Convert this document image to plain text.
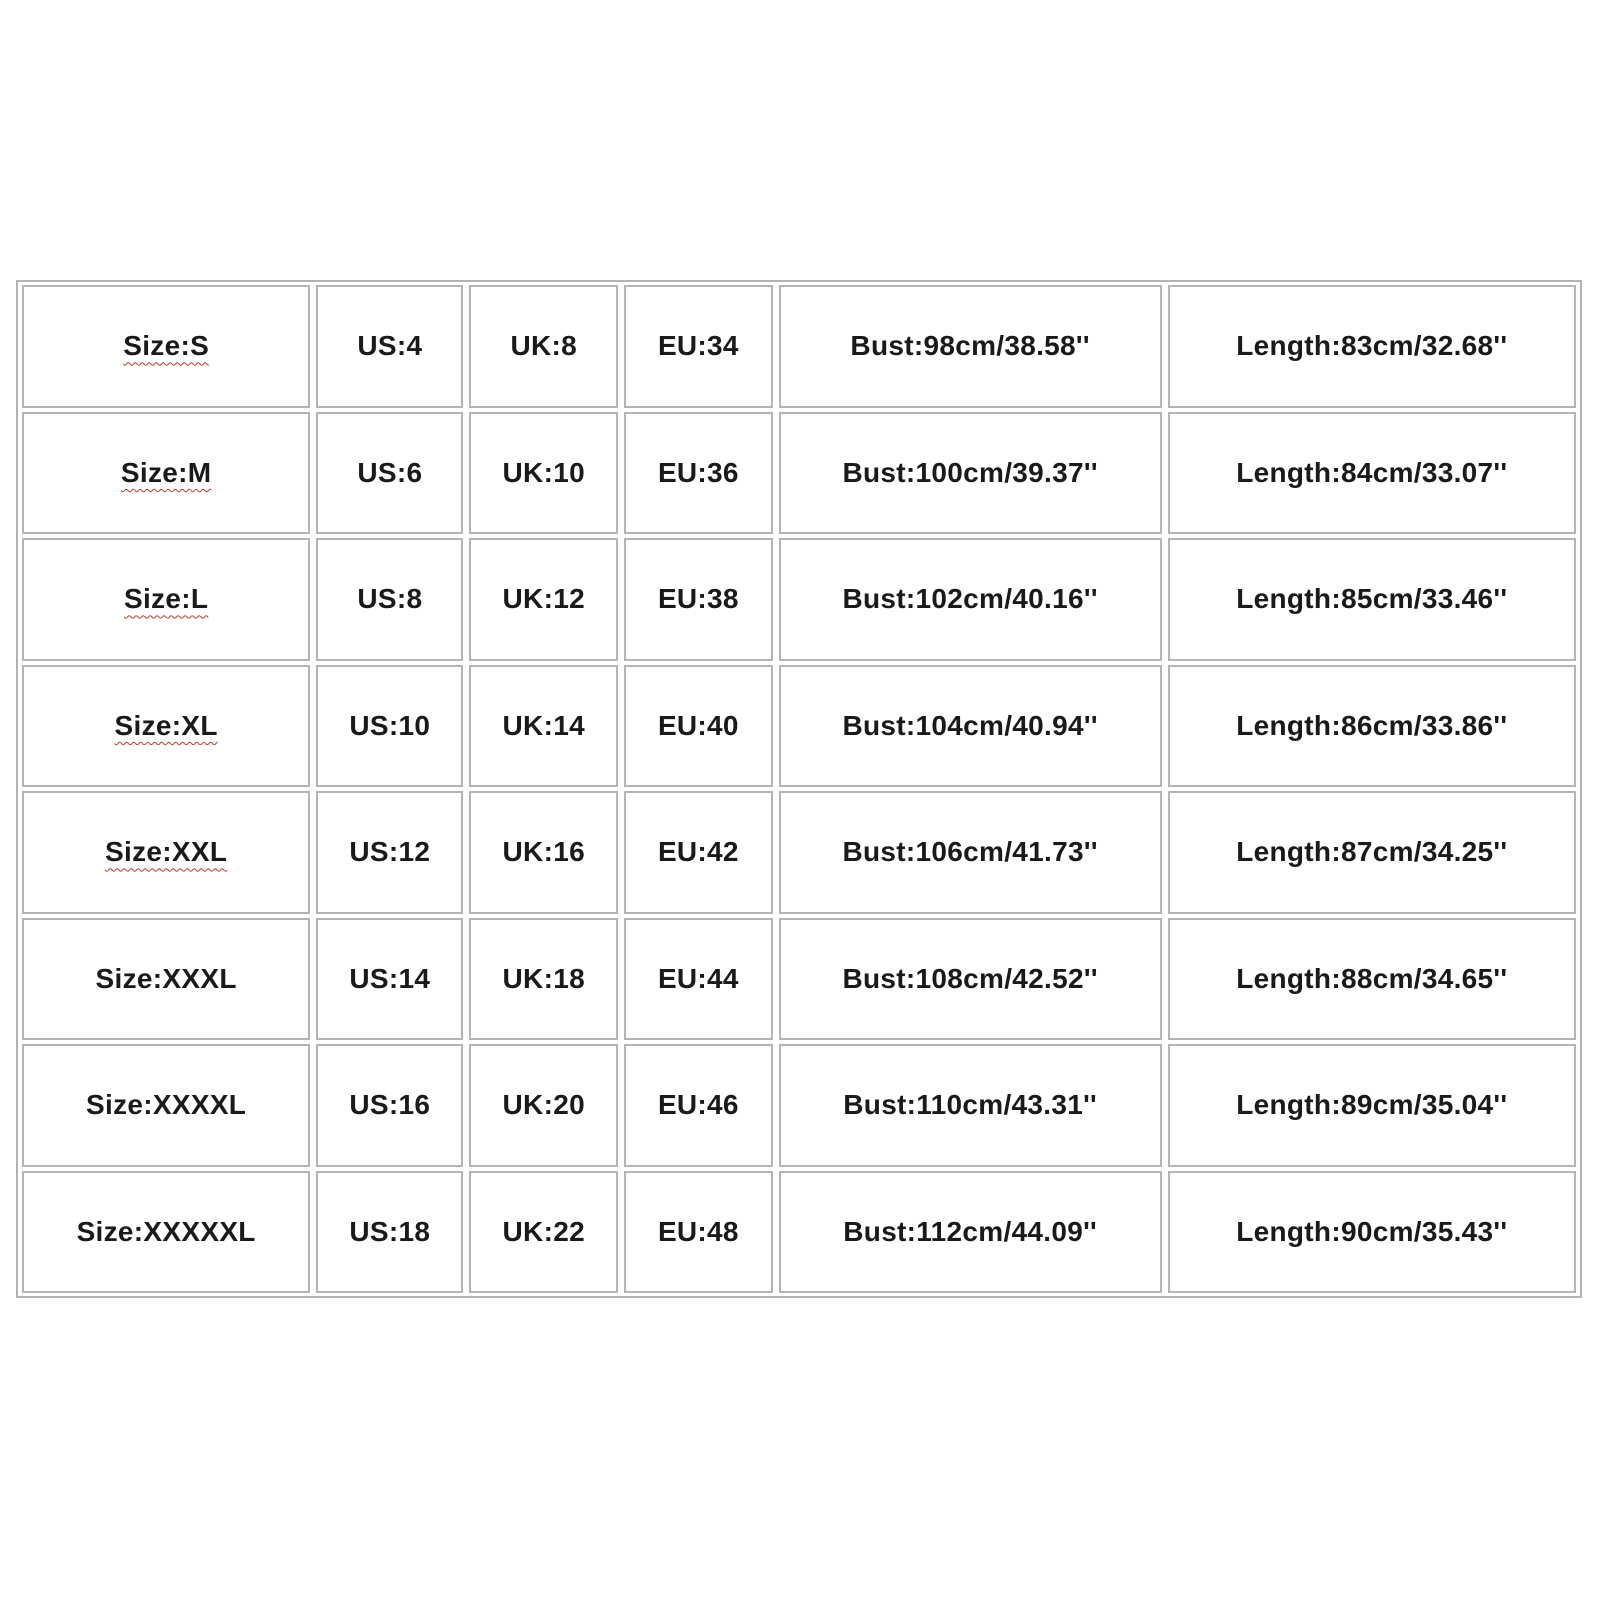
Size:S	US:4	UK:8	EU:34	Bust:98cm/38.58''	Length:83cm/32.68''
Size:M	US:6	UK:10	EU:36	Bust:100cm/39.37''	Length:84cm/33.07''
Size:L	US:8	UK:12	EU:38	Bust:102cm/40.16''	Length:85cm/33.46''
Size:XL	US:10	UK:14	EU:40	Bust:104cm/40.94''	Length:86cm/33.86''
Size:XXL	US:12	UK:16	EU:42	Bust:106cm/41.73''	Length:87cm/34.25''
Size:XXXL	US:14	UK:18	EU:44	Bust:108cm/42.52''	Length:88cm/34.65''
Size:XXXXL	US:16	UK:20	EU:46	Bust:110cm/43.31''	Length:89cm/35.04''
Size:XXXXXL	US:18	UK:22	EU:48	Bust:112cm/44.09''	Length:90cm/35.43''
